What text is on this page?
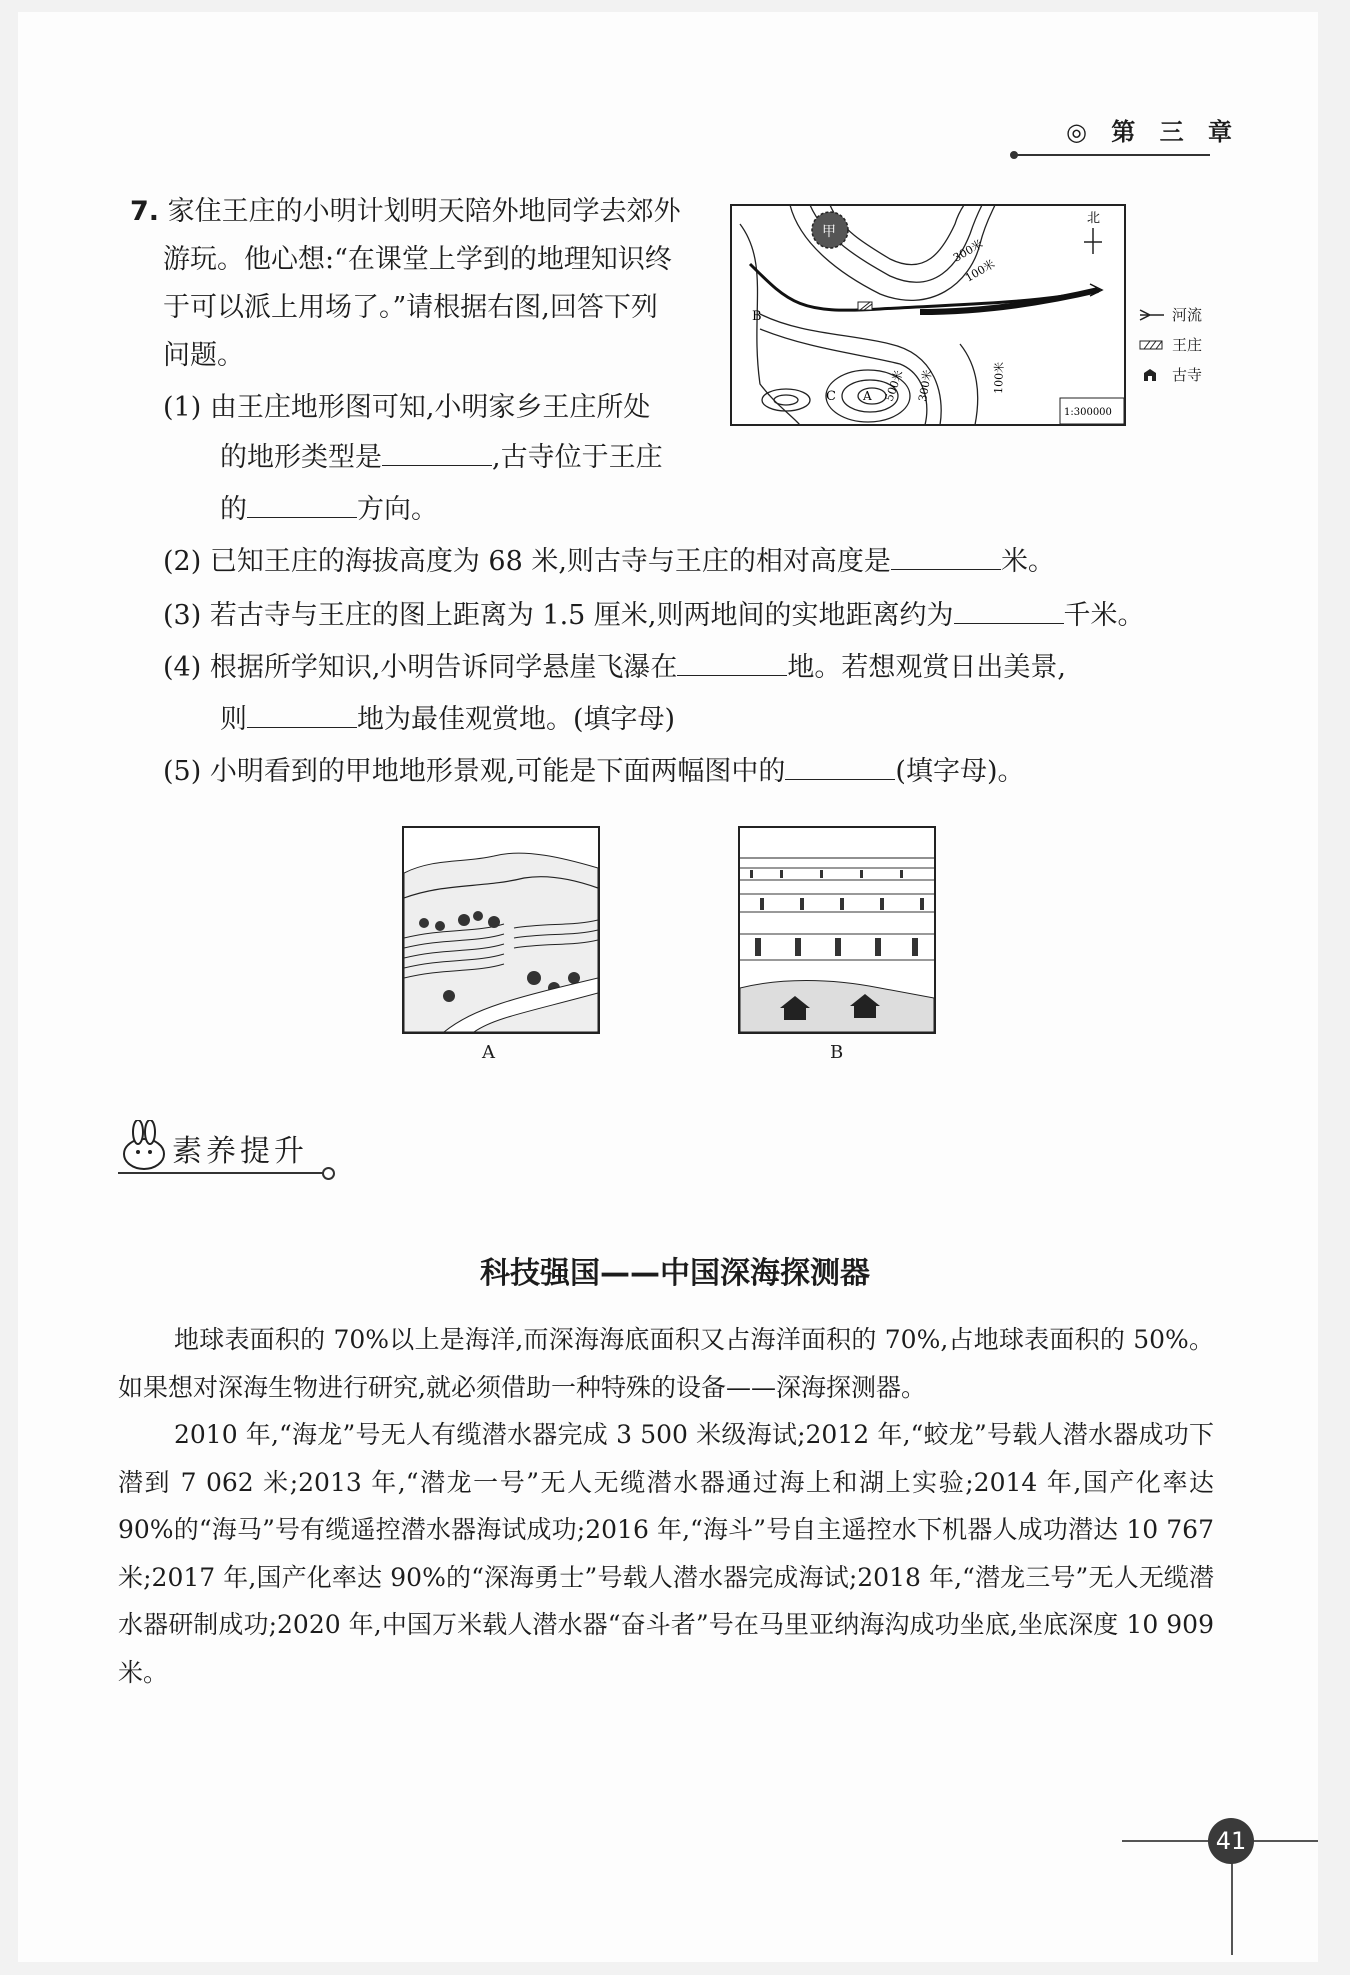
◎ 第 三 章
7. 家住王庄的小明计划明天陪外地同学去郊外
游玩。他心想:“在课堂上学到的地理知识终
于可以派上用场了。”请根据右图,回答下列
问题。
(1) 由王庄地形图可知,小明家乡王庄所处
的地形类型是	,古寺位于王庄
的	方向。
(2) 已知王庄的海拔高度为 68 米,则古寺与王庄的相对高度是	米。
(3) 若古寺与王庄的图上距离为 1.5 厘米,则两地间的实地距离约为	千米。
(4) 根据所学知识,小明告诉同学悬崖飞瀑在	地。若想观赏日出美景,
则	地为最佳观赏地。(填字母)
(5) 小明看到的甲地地形景观,可能是下面两幅图中的	(填字母)。
甲
B
C A
300米
100米
500米 300米	100米
北
1:300000
河流
王庄
古寺
A	B
素养提升
科技强国——中国深海探测器
地球表面积的 70%以上是海洋,而深海海底面积又占海洋面积的 70%,占地球表面积的 50%。如果想对深海生物进行研究,就必须借助一种特殊的设备——深海探测器。
2010 年,“海龙”号无人有缆潜水器完成 3 500 米级海试;2012 年,“蛟龙”号载人潜水器成功下潜到 7 062 米;2013 年,“潜龙一号”无人无缆潜水器通过海上和湖上实验;2014 年,国产化率达 90%的“海马”号有缆遥控潜水器海试成功;2016 年,“海斗”号自主遥控水下机器人成功潜达 10 767 米;2017 年,国产化率达 90%的“深海勇士”号载人潜水器完成海试;2018 年,“潜龙三号”无人无缆潜水器研制成功;2020 年,中国万米载人潜水器“奋斗者”号在马里亚纳海沟成功坐底,坐底深度 10 909 米。
41
